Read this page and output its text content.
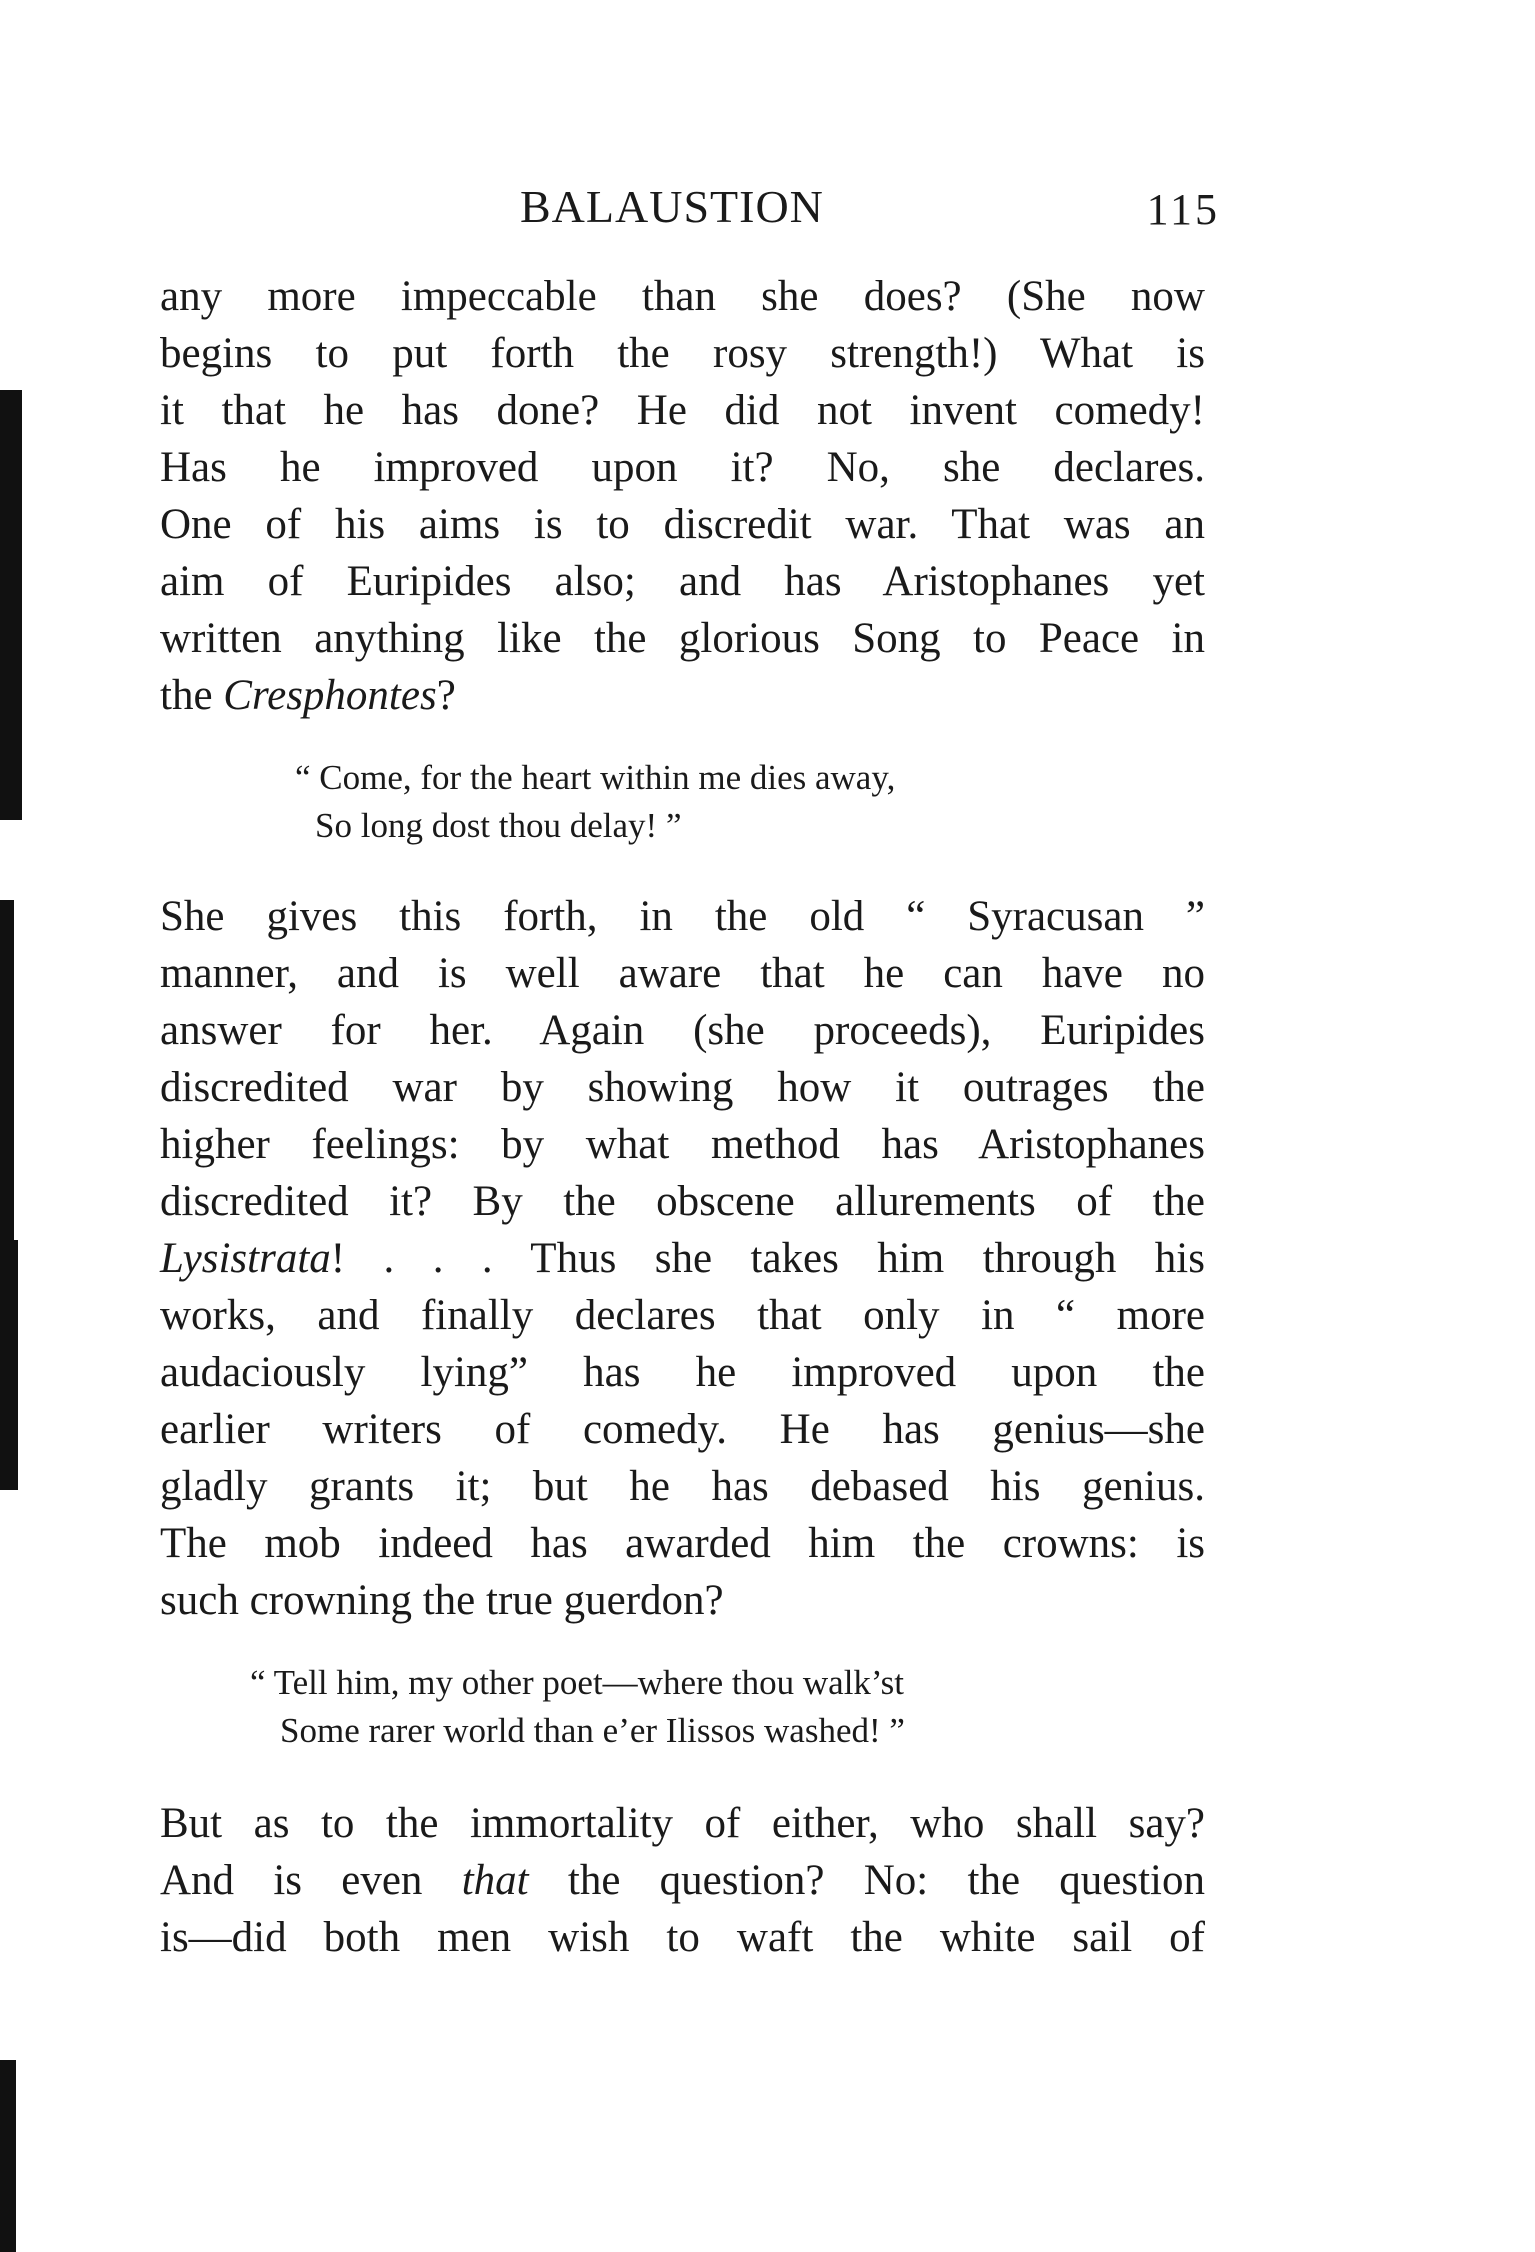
BALAUSTION	115

any more impeccable than she does? (She now

begins to put forth the rosy strength!) What is

it that he has done? He did not invent comedy!

Has he improved upon it? No, she declares.

One of his aims is to discredit war. That was an

aim of Euripides also; and has Aristophanes yet

written anything like the glorious Song to Peace in

the Cresphontes?

“ Come, for the heart within me dies away,

So long dost thou delay! ”

She gives this forth, in the old “ Syracusan ”

manner, and is well aware that he can have no

answer for her. Again (she proceeds), Euripides

discredited war by showing how it outrages the

higher feelings: by what method has Aristophanes

discredited it? By the obscene allurements of the

Lysistrata! . . . Thus she takes him through his

works, and finally declares that only in “ more

audaciously lying” has he improved upon the

earlier writers of comedy. He has genius—she

gladly grants it; but he has debased his genius.

The mob indeed has awarded him the crowns: is

such crowning the true guerdon?

“ Tell him, my other poet—where thou walk’st

Some rarer world than e’er Ilissos washed! ”

But as to the immortality of either, who shall say?

And is even that the question? No: the question

is—did both men wish to waft the white sail of
